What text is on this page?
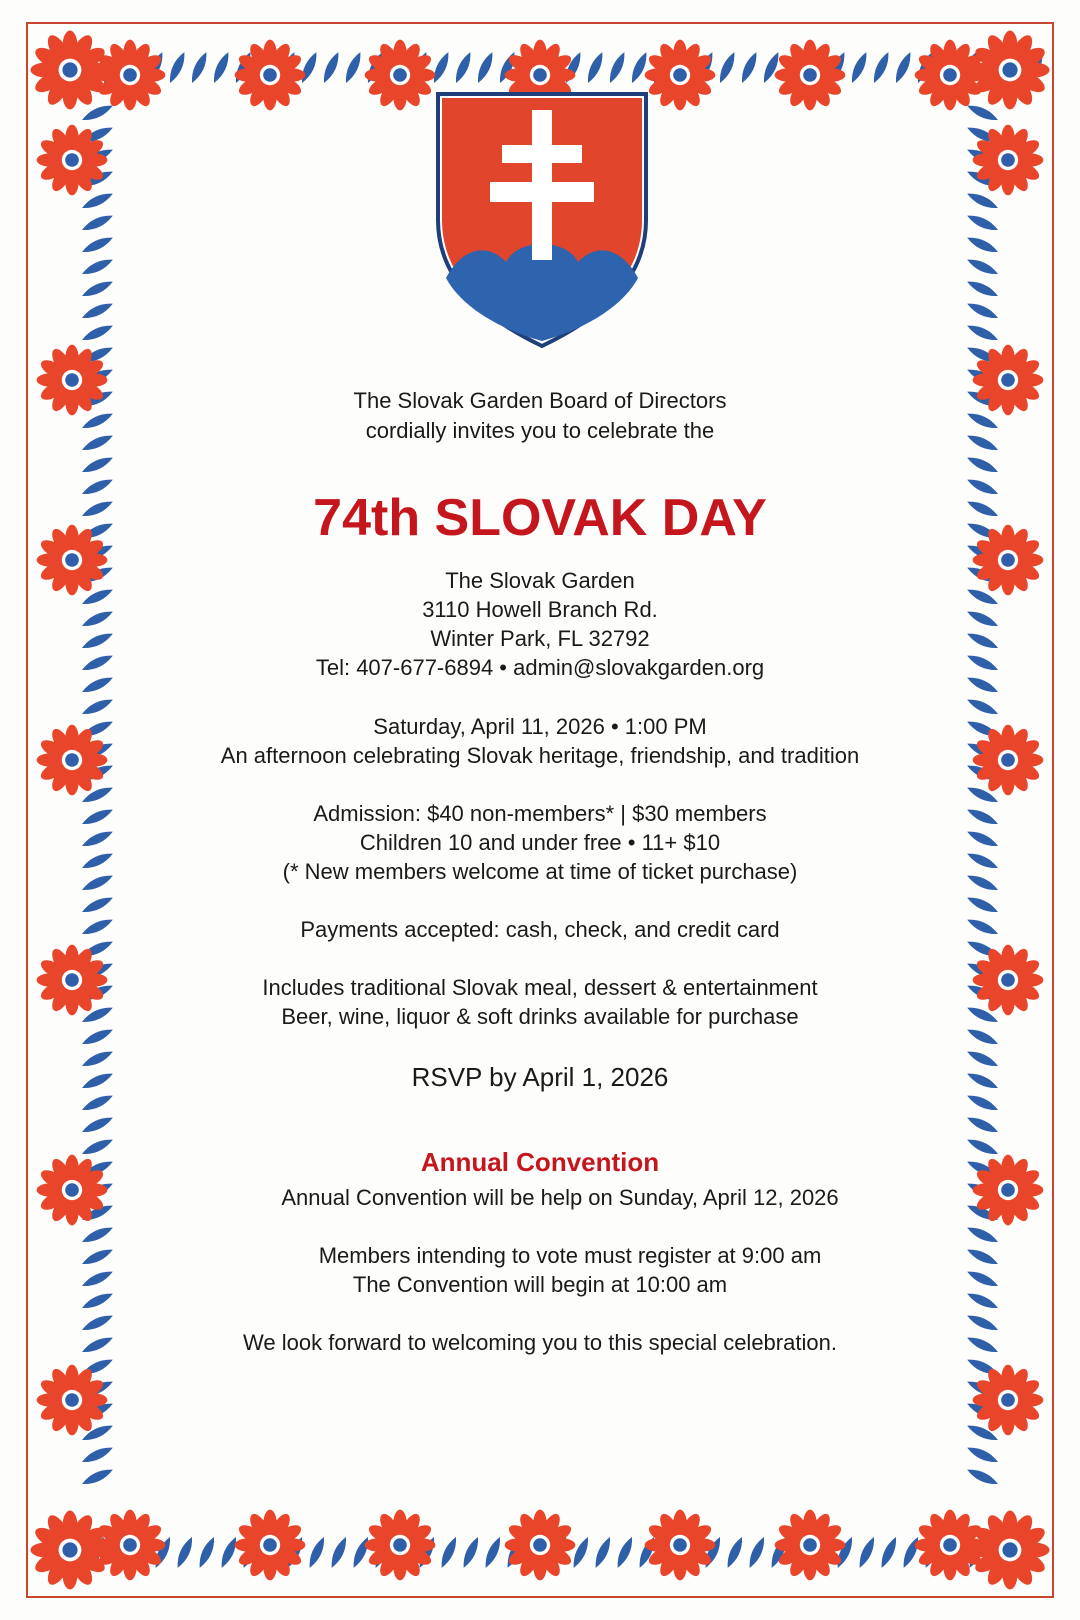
The Slovak Garden Board of Directors
cordially invites you to celebrate the
74th SLOVAK DAY
The Slovak Garden
3110 Howell Branch Rd.
Winter Park, FL 32792
Tel: 407-677-6894 • admin@slovakgarden.org
Saturday, April 11, 2026 • 1:00 PM
An afternoon celebrating Slovak heritage, friendship, and tradition
Admission: $40 non-members* | $30 members
Children 10 and under free • 11+ $10
(* New members welcome at time of ticket purchase)
Payments accepted: cash, check, and credit card
Includes traditional Slovak meal, dessert & entertainment
Beer, wine, liquor & soft drinks available for purchase
RSVP by April 1, 2026
Annual Convention
Annual Convention will be help on Sunday, April 12, 2026
Members intending to vote must register at 9:00 am
The Convention will begin at 10:00 am
We look forward to welcoming you to this special celebration.
